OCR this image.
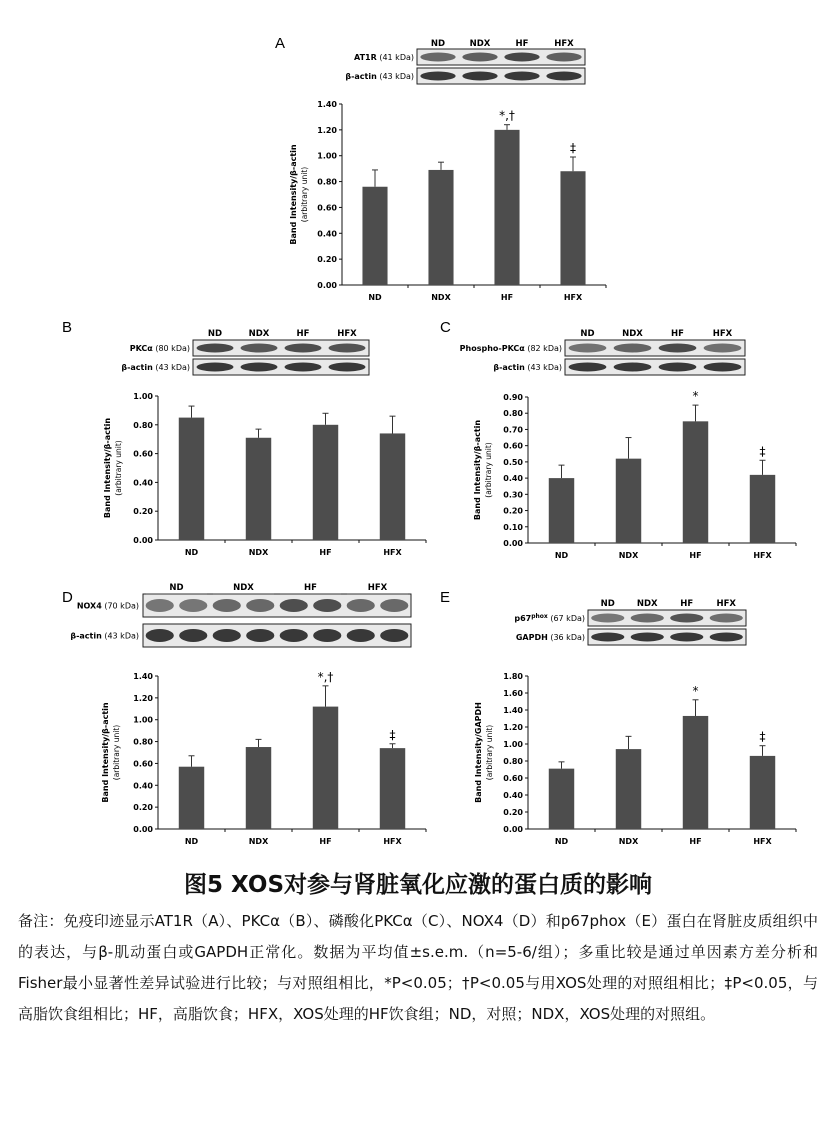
A
AT1R (41 kDa)
β-actin (43 kDa)
ND	NDX	HF	HFX
0.00
0.20
0.40
0.60
0.80
1.00
1.20
1.40
ND	NDX	HF
*,†
HFX
‡
Band Intensity/β-actin (arbitrary unit)
B
PKCα (80 kDa)
β-actin (43 kDa)
ND	NDX	HF	HFX
0.00
0.20
0.40
0.60
0.80
1.00
ND	NDX	HF	HFX
Band Intensity/β-actin (arbitrary unit)
C
Phospho-PKCα (82 kDa)
β-actin (43 kDa)
ND	NDX	HF	HFX
0.00
0.10
0.20
0.30
0.40
0.50
0.60
0.70
0.80
0.90
ND	NDX	HF
*
HFX
‡
Band Intensity/β-actin (arbitrary unit)
D NOX4 (70 kDa)
β-actin (43 kDa)
ND	NDX	HF	HFX
0.00
0.20
0.40
0.60
0.80
1.00
1.20
1.40
ND	NDX	HF
*,†
HFX
‡
Band Intensity/β-actin (arbitrary unit)
E
$p67^{phox}$ (67 kDa)
GAPDH (36 kDa)
ND	NDX	HF	HFX
0.00
0.20
0.40
0.60
0.80
1.00
1.20
1.40
1.60
1.80
ND	NDX	HF
*
HFX
‡
Band Intensity/GAPDH (arbitrary unit)
图5 XOS对参与肾脏氧化应激的蛋白质的影响
备注：免疫印迹显示AT1R（A）、PKCα（B）、磷酸化PKCα（C）、NOX4（D）和p67phox（E）蛋白在肾脏皮质组织中的表达，与β-肌动蛋白或GAPDH正常化。数据为平均值±s.e.m.（n=5-6/组）；多重比较是通过单因素方差分析和Fisher最小显著性差异试验进行比较；与对照组相比，*P<0.05；†P<0.05与用XOS处理的对照组相比；‡P<0.05，与高脂饮食组相比；HF，高脂饮食；HFX，XOS处理的HF饮食组；ND，对照；NDX，XOS处理的对照组。
